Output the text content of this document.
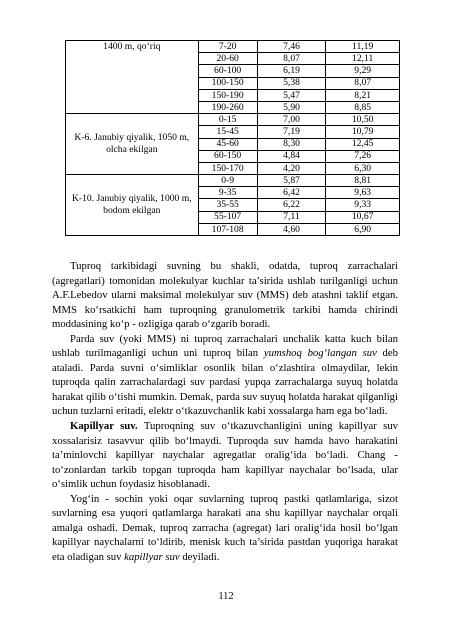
1400 m, qo‘riq	7-20	7,46	11,19
	20-60	8,07	12,11
	60-100	6,19	9,29
	100-150	5,38	8,07
	150-190	5,47	8,21
	190-260	5,90	8,85
K-6. Janubiy qiyalik, 1050 m, olcha ekilgan	0-15	7,00	10,50
	15-45	7,19	10,79
	45-60	8,30	12,45
	60-150	4,84	7,26
	150-170	4,20	6,30
K-10. Janubiy qiyalik, 1000 m, bodom ekilgan	0-9	5,87	8,81
	9-35	6,42	9,63
	35-55	6,22	9,33
	55-107	7,11	10,67
	107-108	4,60	6,90

Tuproq tarkibidagi suvning bu shakli, odatda, tuproq zarrachalari (agregatlari) tomonidan molekulyar kuchlar ta’sirida ushlab turilganligi uchun A.F.Lebedov ularni maksimal molekulyar suv (MMS) deb atashni taklif etgan. MMS ko‘rsatkichi ham tuproqning granulometrik tarkibi hamda chirindi moddasining ko‘p - ozligiga qarab o‘zgarib boradi.

Parda suv (yoki MMS) ni tuproq zarrachalari unchalik katta kuch bilan ushlab turilmaganligi uchun uni tuproq bilan yumshoq bog‘langan suv deb ataladi. Parda suvni o‘simliklar osonlik bilan o‘zlashtira olmaydilar, lekin tuproqda qalin zarrachalardagi suv pardasi yupqa zarrachalarga suyuq holatda harakat qilib o‘tishi mumkin. Demak, parda suv suyuq holatda harakat qilganligi uchun tuzlarni eritadi, elektr o‘tkazuvchanlik kabi xossalarga ham ega bo‘ladi.

Kapillyar suv. Tuproqning suv o‘tkazuvchanligini uning kapillyar suv xossalarisiz tasavvur qilib bo‘lmaydi. Tuproqda suv hamda havo harakatini ta’minlovchi kapillyar naychalar agregatlar oralig‘ida bo‘ladi. Chang - to‘zonlardan tarkib topgan tuproqda ham kapillyar naychalar bo‘lsada, ular o‘simlik uchun foydasiz hisoblanadi.

Yog‘in - sochin yoki oqar suvlarning tuproq pastki qatlamlariga, sizot suvlarning esa yuqori qatlamlarga harakati ana shu kapillyar naychalar orqali amalga oshadi. Demak, tuproq zarracha (agregat) lari oralig‘ida hosil bo‘lgan kapillyar naychalarni to‘ldirib, menisk kuch ta’sirida pastdan yuqoriga harakat eta oladigan suv kapillyar suv deyiladi.

112
